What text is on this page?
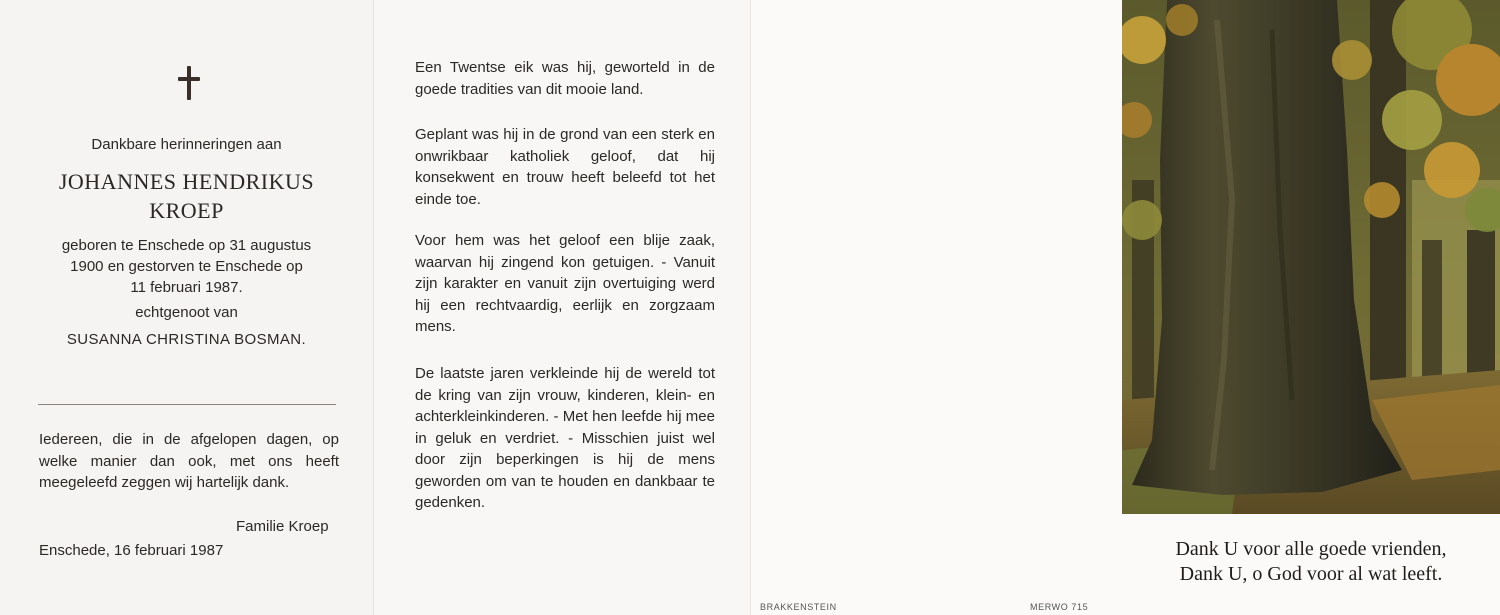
Dankbare herinneringen aan
JOHANNES HENDRIKUS
KROEP
geboren te Enschede op 31 augustus
1900 en gestorven te Enschede op
11 februari 1987.
echtgenoot van
SUSANNA CHRISTINA BOSMAN.
Iedereen, die in de afgelopen dagen, op welke manier dan ook, met ons heeft meegeleefd zeggen wij hartelijk dank.
Familie Kroep
Enschede, 16 februari 1987
Een Twentse eik was hij, geworteld in de goede tradities van dit mooie land.
Geplant was hij in de grond van een sterk en onwrikbaar katholiek geloof, dat hij konsekwent en trouw heeft beleefd tot het einde toe.
Voor hem was het geloof een blije zaak, waarvan hij zingend kon getuigen. - Vanuit zijn karakter en vanuit zijn overtuiging werd hij een rechtvaardig, eerlijk en zorgzaam mens.
De laatste jaren verkleinde hij de wereld tot de kring van zijn vrouw, kinderen, klein- en achterkleinkinderen. - Met hen leefde hij mee in geluk en verdriet. - Misschien juist wel door zijn beperkingen is hij de mens geworden om van te houden en dankbaar te gedenken.
BRAKKENSTEIN	MERWO 715
Dank U voor alle goede vrienden,
Dank U, o God voor al wat leeft.
